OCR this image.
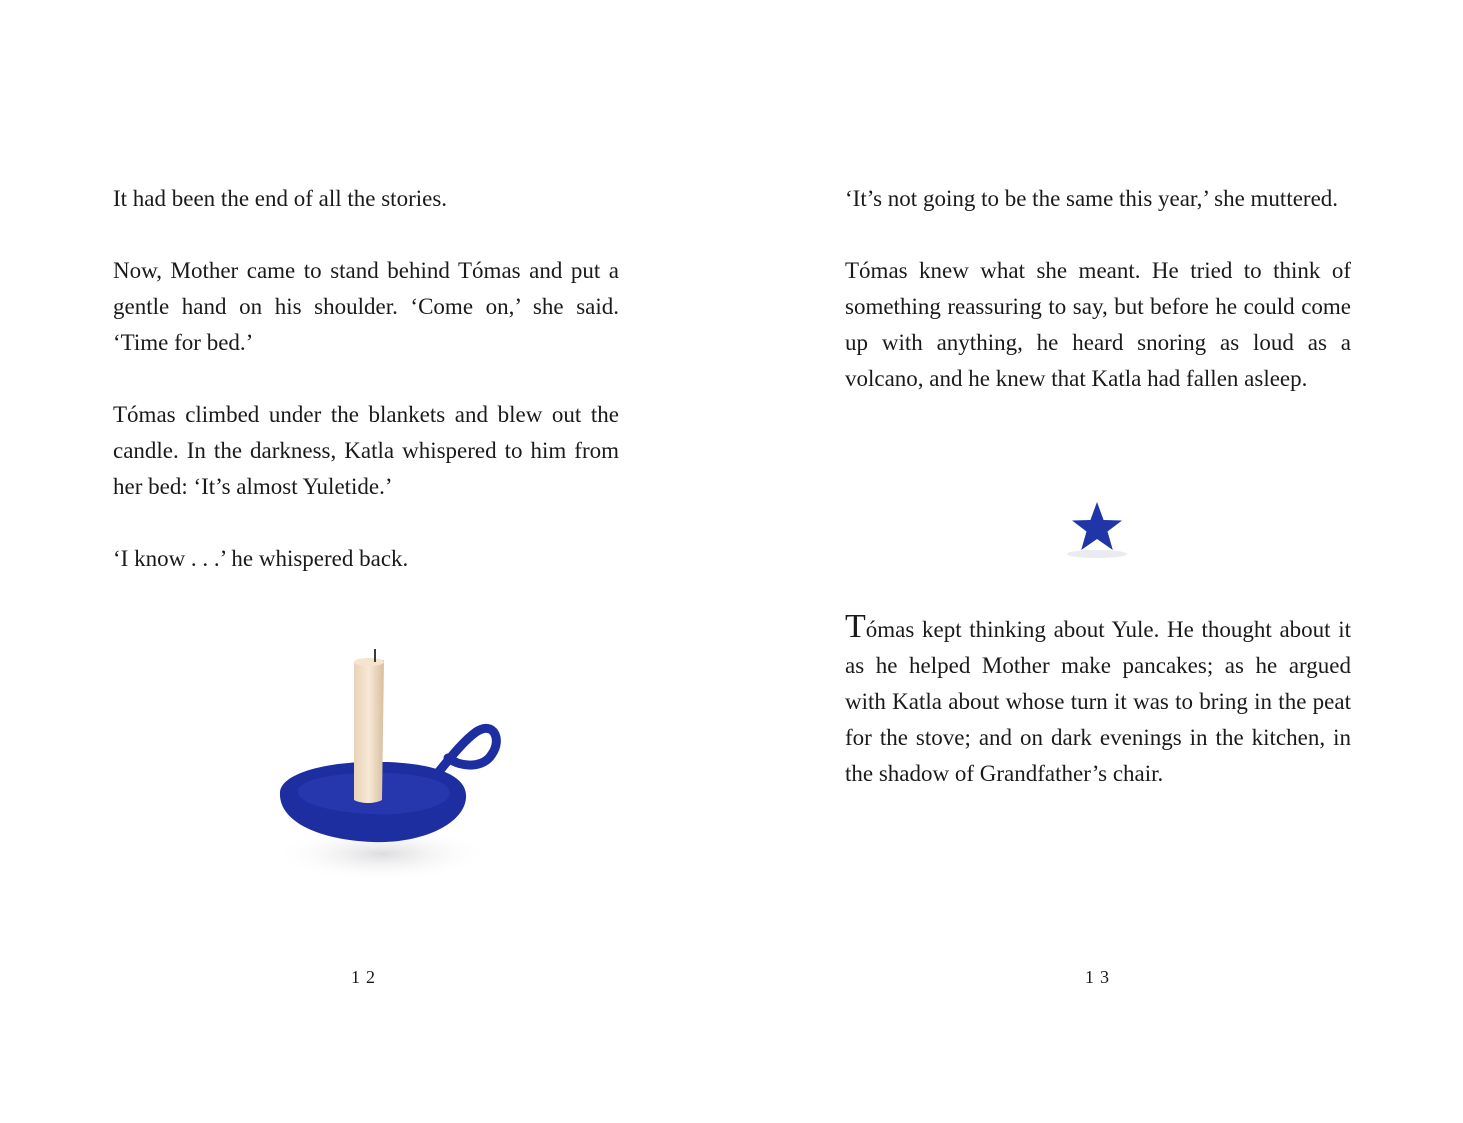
It had been the end of all the stories.

Now, Mother came to stand behind Tómas and put a gentle hand on his shoulder. ‘Come on,’ she said. ‘Time for bed.’

Tómas climbed under the blankets and blew out the candle. In the darkness, Katla whispered to him from her bed: ‘It’s almost Yuletide.’

‘I know . . .’ he whispered back.

12

‘It’s not going to be the same this year,’ she muttered.

Tómas knew what she meant. He tried to think of something reassuring to say, but before he could come up with anything, he heard snoring as loud as a volcano, and he knew that Katla had fallen asleep.

Tómas kept thinking about Yule. He thought about it as he helped Mother make pancakes; as he argued with Katla about whose turn it was to bring in the peat for the stove; and on dark evenings in the kitchen, in the shadow of Grandfather’s chair.

13
